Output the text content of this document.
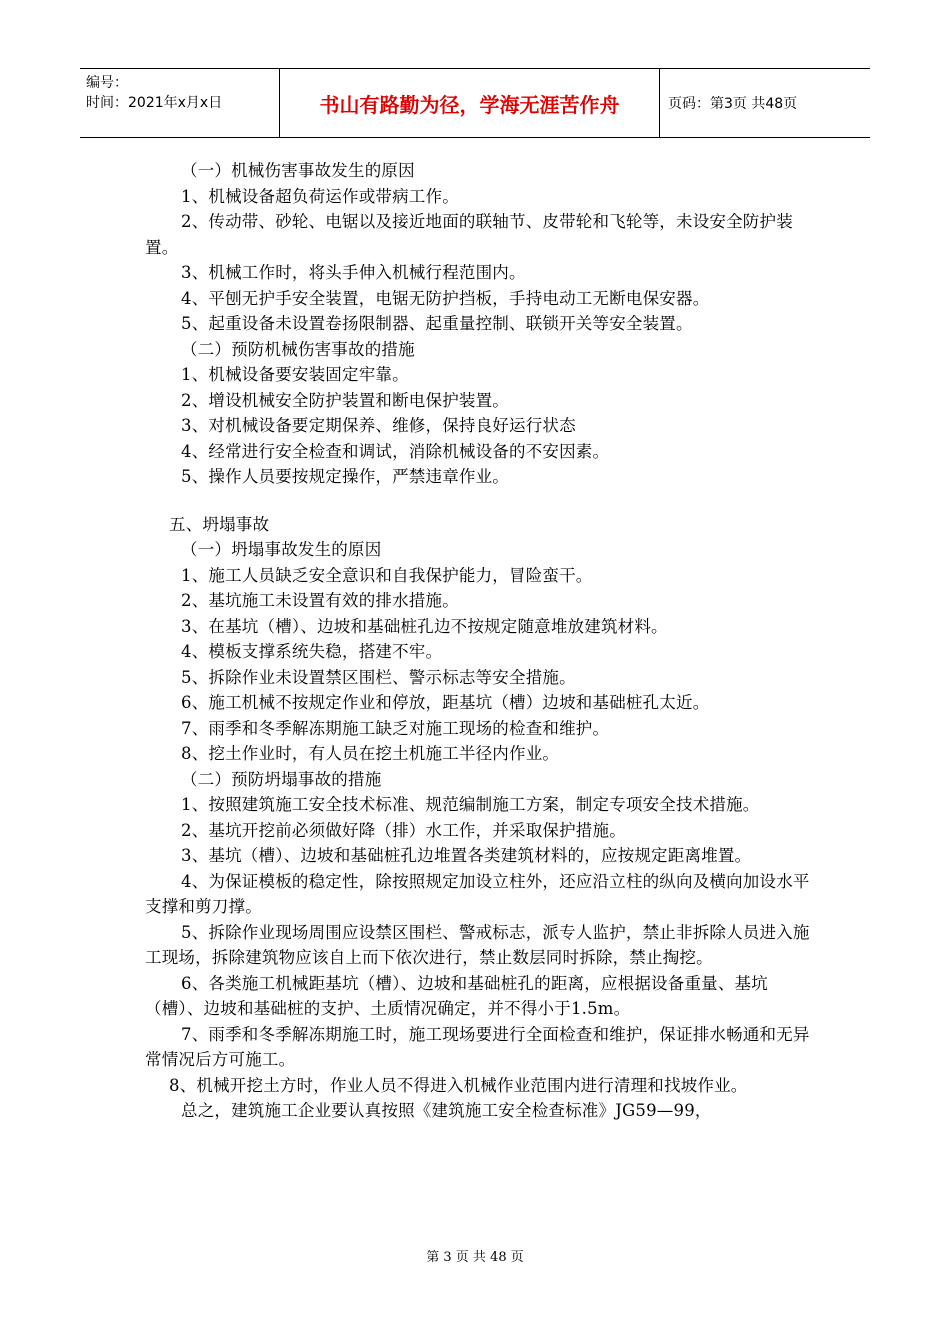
编号：
时间：2021年x月x日	书山有路勤为径，学海无涯苦作舟	页码：第3页 共48页

（一）机械伤害事故发生的原因

1、机械设备超负荷运作或带病工作。

2、传动带、砂轮、电锯以及接近地面的联轴节、皮带轮和飞轮等，未设安全防护装置。

3、机械工作时，将头手伸入机械行程范围内。

4、平刨无护手安全装置，电锯无防护挡板，手持电动工无断电保安器。

5、起重设备未设置卷扬限制器、起重量控制、联锁开关等安全装置。

（二）预防机械伤害事故的措施

1、机械设备要安装固定牢靠。

2、增设机械安全防护装置和断电保护装置。

3、对机械设备要定期保养、维修，保持良好运行状态

4、经常进行安全检查和调试，消除机械设备的不安因素。

5、操作人员要按规定操作，严禁违章作业。

五、坍塌事故

（一）坍塌事故发生的原因

1、施工人员缺乏安全意识和自我保护能力，冒险蛮干。

2、基坑施工未设置有效的排水措施。

3、在基坑（槽）、边坡和基础桩孔边不按规定随意堆放建筑材料。

4、模板支撑系统失稳，搭建不牢。

5、拆除作业未设置禁区围栏、警示标志等安全措施。

6、施工机械不按规定作业和停放，距基坑（槽）边坡和基础桩孔太近。

7、雨季和冬季解冻期施工缺乏对施工现场的检查和维护。

8、挖土作业时，有人员在挖土机施工半径内作业。

（二）预防坍塌事故的措施

1、按照建筑施工安全技术标准、规范编制施工方案，制定专项安全技术措施。

2、基坑开挖前必须做好降（排）水工作，并采取保护措施。

3、基坑（槽）、边坡和基础桩孔边堆置各类建筑材料的，应按规定距离堆置。

4、为保证模板的稳定性，除按照规定加设立柱外，还应沿立柱的纵向及横向加设水平支撑和剪刀撑。

5、拆除作业现场周围应设禁区围栏、警戒标志，派专人监护，禁止非拆除人员进入施工现场，拆除建筑物应该自上而下依次进行，禁止数层同时拆除，禁止掏挖。

6、各类施工机械距基坑（槽）、边坡和基础桩孔的距离，应根据设备重量、基坑（槽）、边坡和基础桩的支护、土质情况确定，并不得小于1.5m。

7、雨季和冬季解冻期施工时，施工现场要进行全面检查和维护，保证排水畅通和无异常情况后方可施工。

8、机械开挖土方时，作业人员不得进入机械作业范围内进行清理和找坡作业。

总之，建筑施工企业要认真按照《建筑施工安全检查标准》JG59—99，

第 3 页 共 48 页
